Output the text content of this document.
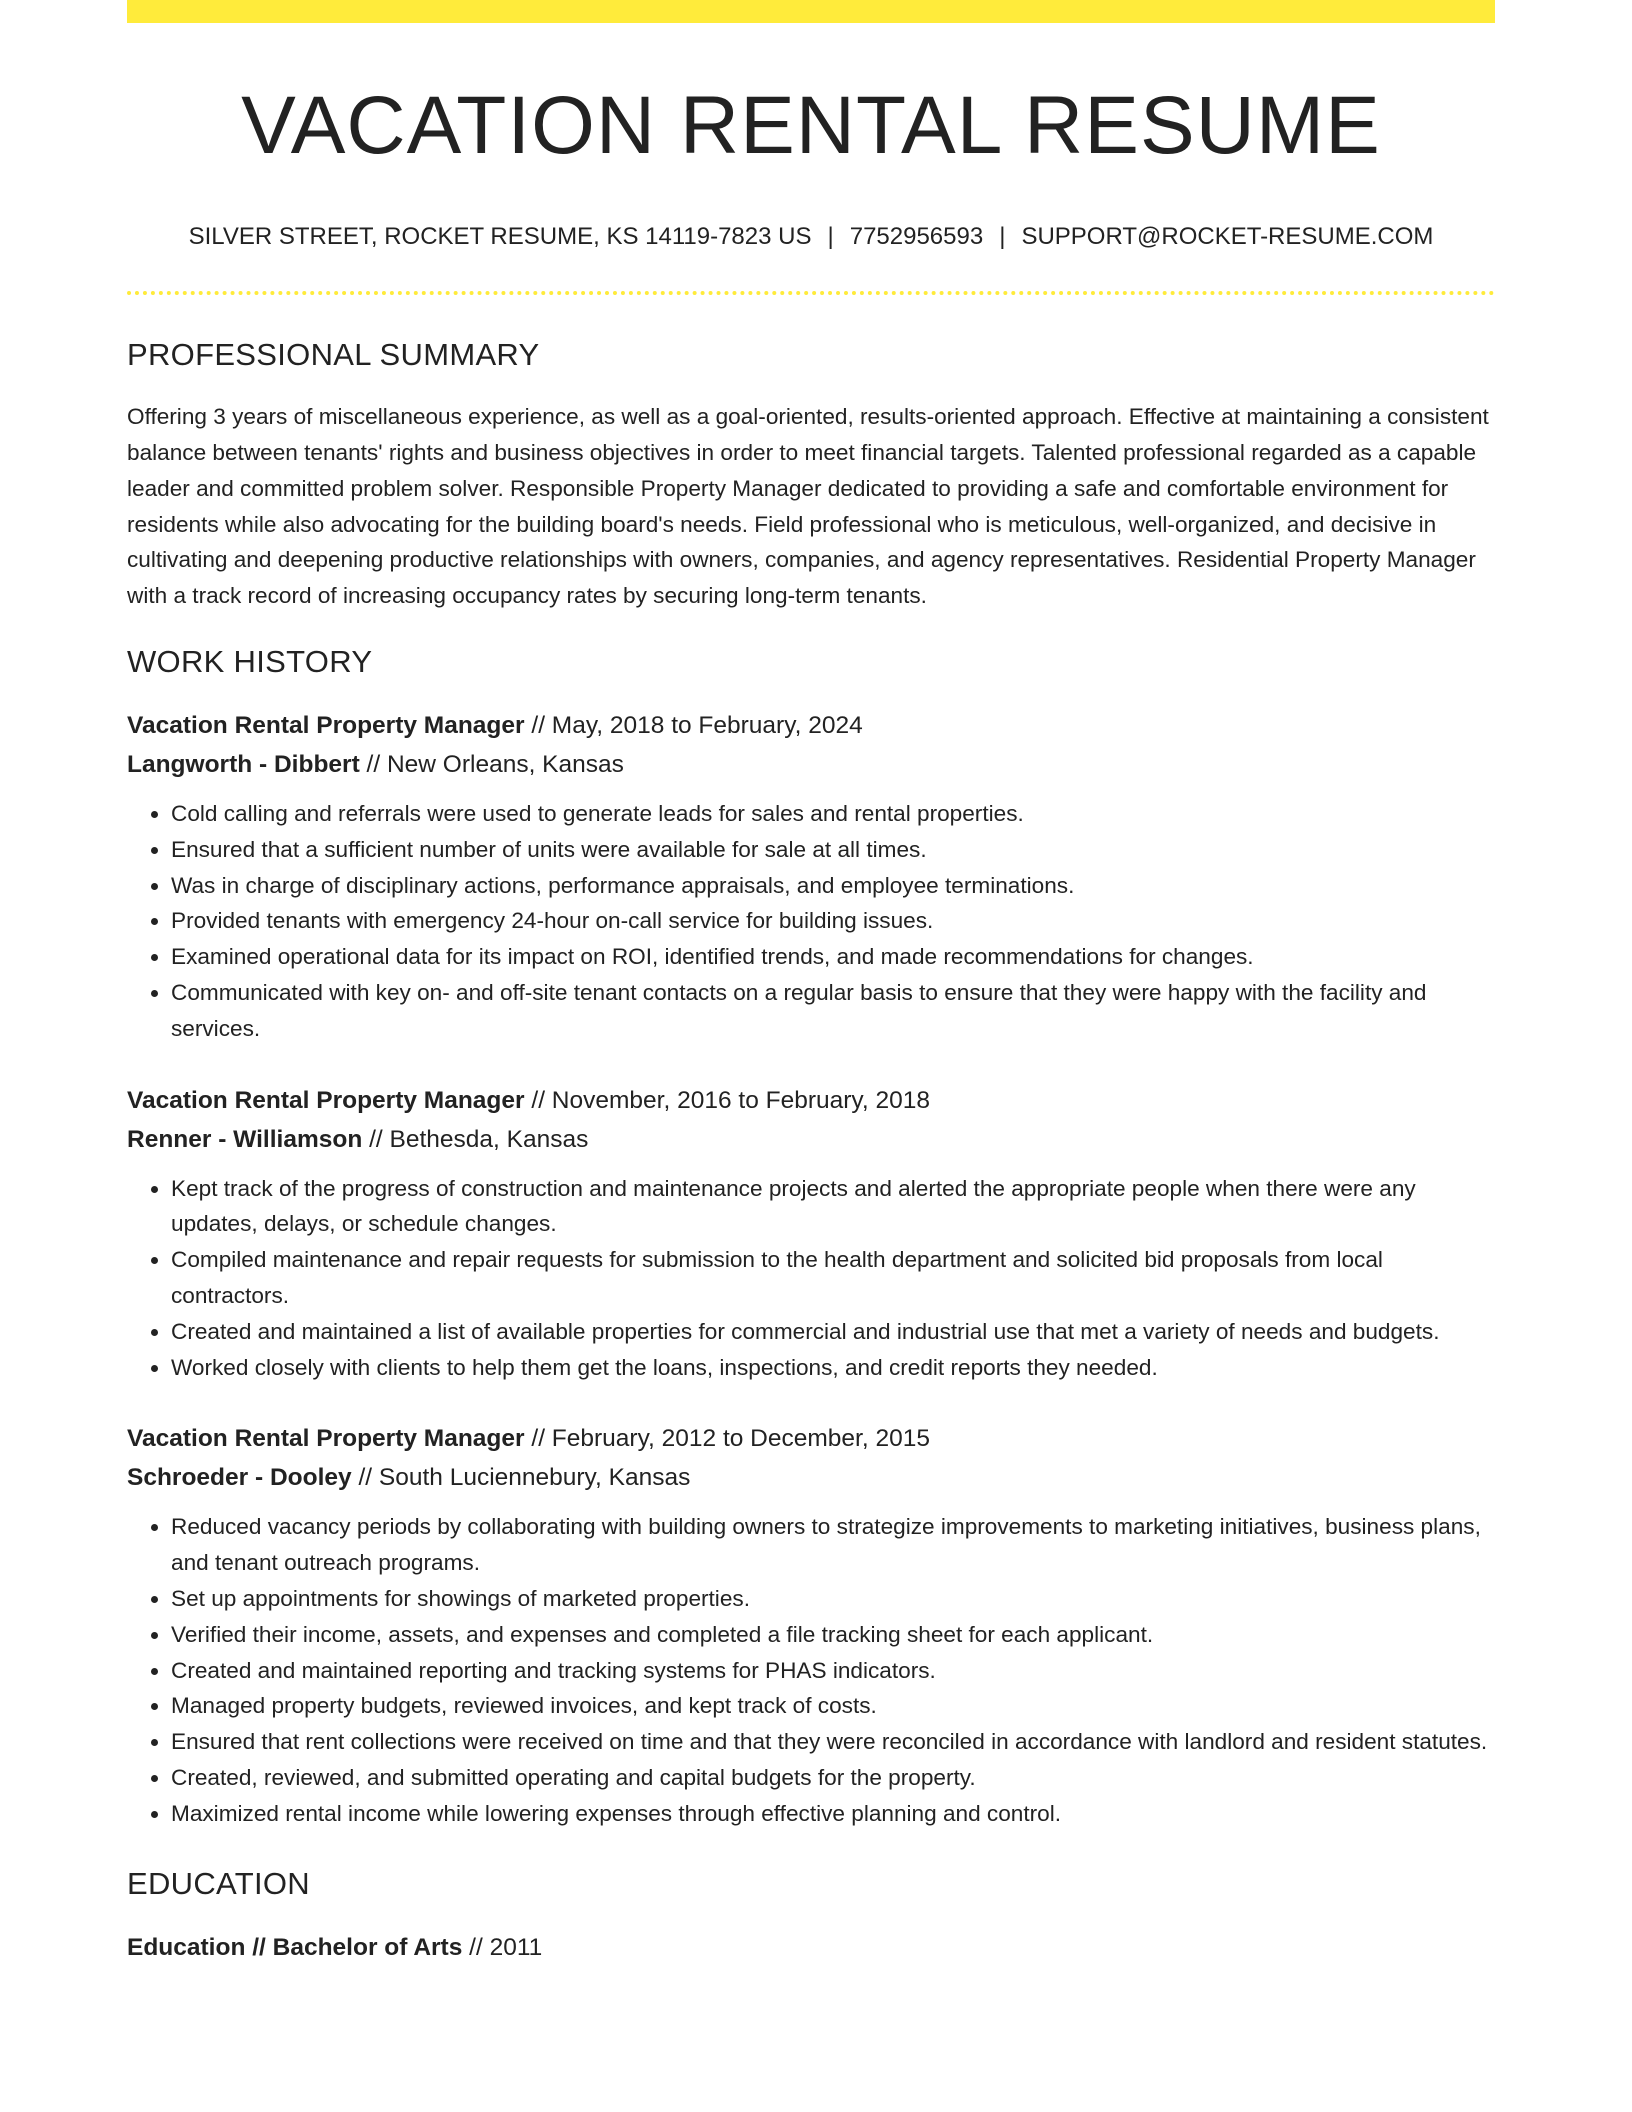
VACATION RENTAL RESUME
SILVER STREET, ROCKET RESUME, KS 14119-7823 US | 7752956593 | SUPPORT@ROCKET-RESUME.COM
PROFESSIONAL SUMMARY
Offering 3 years of miscellaneous experience, as well as a goal-oriented, results-oriented approach. Effective at maintaining a consistent balance between tenants' rights and business objectives in order to meet financial targets. Talented professional regarded as a capable leader and committed problem solver. Responsible Property Manager dedicated to providing a safe and comfortable environment for residents while also advocating for the building board's needs. Field professional who is meticulous, well-organized, and decisive in cultivating and deepening productive relationships with owners, companies, and agency representatives. Residential Property Manager with a track record of increasing occupancy rates by securing long-term tenants.
WORK HISTORY
Vacation Rental Property Manager // May, 2018 to February, 2024
Langworth - Dibbert // New Orleans, Kansas
• Cold calling and referrals were used to generate leads for sales and rental properties.
• Ensured that a sufficient number of units were available for sale at all times.
• Was in charge of disciplinary actions, performance appraisals, and employee terminations.
• Provided tenants with emergency 24-hour on-call service for building issues.
• Examined operational data for its impact on ROI, identified trends, and made recommendations for changes.
• Communicated with key on- and off-site tenant contacts on a regular basis to ensure that they were happy with the facility and services.
Vacation Rental Property Manager // November, 2016 to February, 2018
Renner - Williamson // Bethesda, Kansas
• Kept track of the progress of construction and maintenance projects and alerted the appropriate people when there were any updates, delays, or schedule changes.
• Compiled maintenance and repair requests for submission to the health department and solicited bid proposals from local contractors.
• Created and maintained a list of available properties for commercial and industrial use that met a variety of needs and budgets.
• Worked closely with clients to help them get the loans, inspections, and credit reports they needed.
Vacation Rental Property Manager // February, 2012 to December, 2015
Schroeder - Dooley // South Luciennebury, Kansas
• Reduced vacancy periods by collaborating with building owners to strategize improvements to marketing initiatives, business plans, and tenant outreach programs.
• Set up appointments for showings of marketed properties.
• Verified their income, assets, and expenses and completed a file tracking sheet for each applicant.
• Created and maintained reporting and tracking systems for PHAS indicators.
• Managed property budgets, reviewed invoices, and kept track of costs.
• Ensured that rent collections were received on time and that they were reconciled in accordance with landlord and resident statutes.
• Created, reviewed, and submitted operating and capital budgets for the property.
• Maximized rental income while lowering expenses through effective planning and control.
EDUCATION
Education // Bachelor of Arts // 2011
